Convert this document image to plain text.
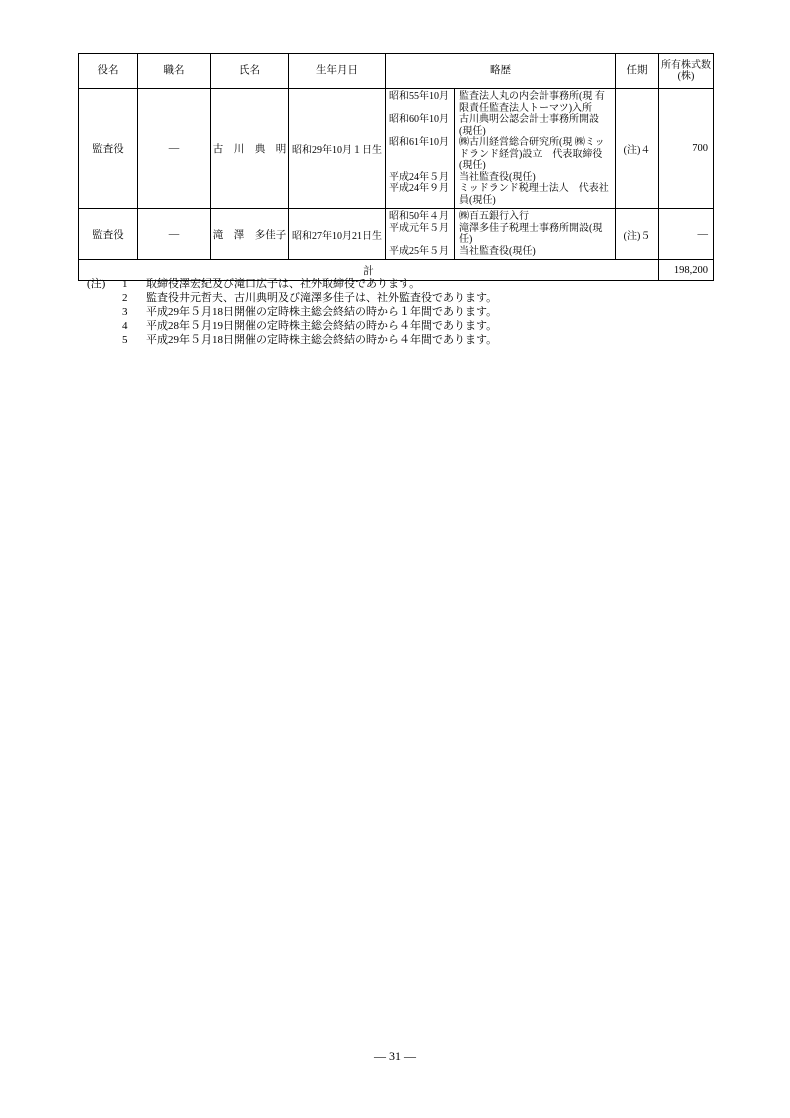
役名	職名	氏名	生年月日	略歴	任期	所有株式数
(株)

監査役	―	古　川　典　明	昭和29年10月１日生	
昭和55年10月	監査法人丸の内会計事務所(現 有限責任監査法人トーマツ)入所
昭和60年10月	古川典明公認会計士事務所開設(現任)
昭和61年10月	㈱古川経営総合研究所(現 ㈱ミッドランド経営)設立　代表取締役(現任)
平成24年５月	当社監査役(現任)
平成24年９月	ミッドランド税理士法人　代表社員(現任)
	(注)４	700
監査役	―	滝　澤　多佳子	昭和27年10月21日生	
昭和50年４月	㈱百五銀行入行
平成元年５月	滝澤多佳子税理士事務所開設(現任)
平成25年５月	当社監査役(現任)
	(注)５	―
計						198,200
(注)	1	取締役澤宏紀及び滝口広子は、社外取締役であります。
2	監査役井元哲夫、古川典明及び滝澤多佳子は、社外監査役であります。
3	平成29年５月18日開催の定時株主総会終結の時から１年間であります。
4	平成28年５月19日開催の定時株主総会終結の時から４年間であります。
5	平成29年５月18日開催の定時株主総会終結の時から４年間であります。
― 31 ―
